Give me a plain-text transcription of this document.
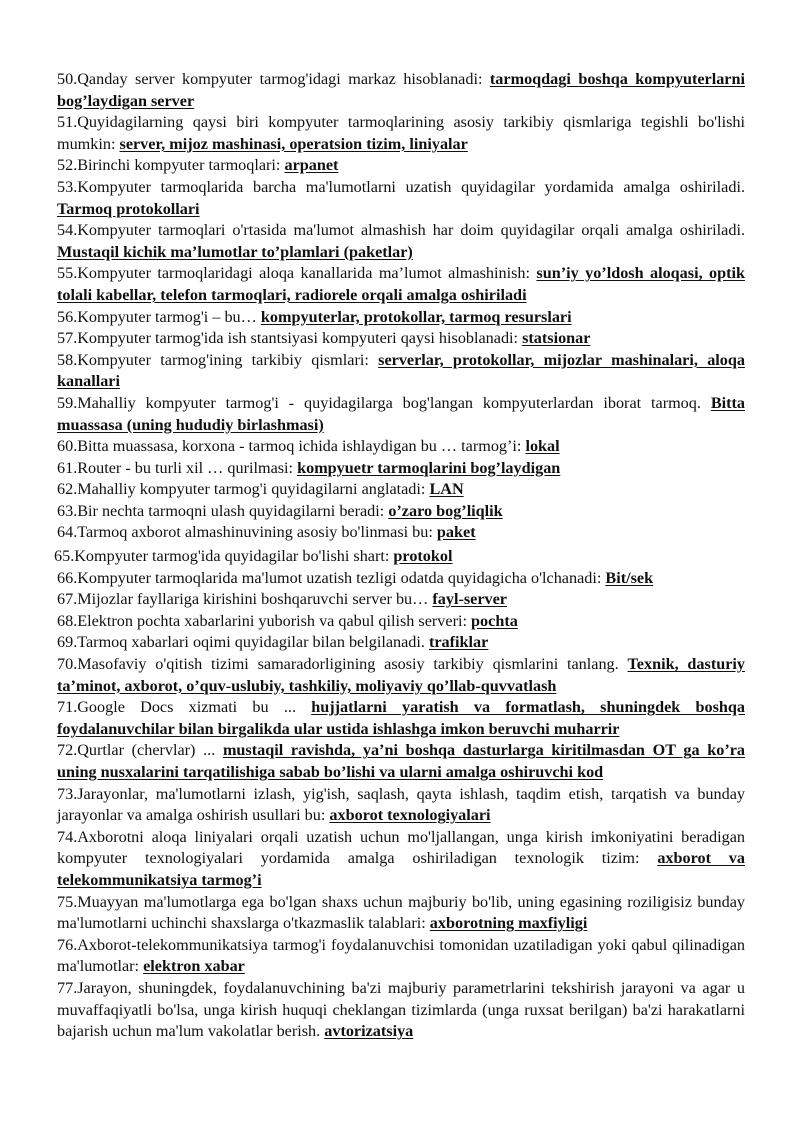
50.Qanday server kompyuter tarmog'idagi markaz hisoblanadi: tarmoqdagi boshqa kompyuterlarni bog’laydigan server

51.Quyidagilarning qaysi biri kompyuter tarmoqlarining asosiy tarkibiy qismlariga tegishli bo'lishi mumkin: server, mijoz mashinasi, operatsion tizim, liniyalar

52.Birinchi kompyuter tarmoqlari: arpanet

53.Kompyuter tarmoqlarida barcha ma'lumotlarni uzatish quyidagilar yordamida amalga oshiriladi. Tarmoq protokollari

54.Kompyuter tarmoqlari o'rtasida ma'lumot almashish har doim quyidagilar orqali amalga oshiriladi. Mustaqil kichik ma’lumotlar to’plamlari (paketlar)

55.Kompyuter tarmoqlaridagi aloqa kanallarida ma’lumot almashinish: sun’iy yo’ldosh aloqasi, optik tolali kabellar, telefon tarmoqlari, radiorele orqali amalga oshiriladi

56.Kompyuter tarmog'i – bu… kompyuterlar, protokollar, tarmoq resurslari

57.Kompyuter tarmog'ida ish stantsiyasi kompyuteri qaysi hisoblanadi: statsionar

58.Kompyuter tarmog'ining tarkibiy qismlari: serverlar, protokollar, mijozlar mashinalari, aloqa kanallari

59.Mahalliy kompyuter tarmog'i - quyidagilarga bog'langan kompyuterlardan iborat tarmoq. Bitta muassasa (uning hududiy birlashmasi)

60.Bitta muassasa, korxona - tarmoq ichida ishlaydigan bu … tarmog’i: lokal

61.Router - bu turli xil … qurilmasi: kompyuetr tarmoqlarini bog’laydigan

62.Mahalliy kompyuter tarmog'i quyidagilarni anglatadi: LAN

63.Bir nechta tarmoqni ulash quyidagilarni beradi: o’zaro bog’liqlik

64.Tarmoq axborot almashinuvining asosiy bo'linmasi bu: paket

65.Kompyuter tarmog'ida quyidagilar bo'lishi shart: protokol

66.Kompyuter tarmoqlarida ma'lumot uzatish tezligi odatda quyidagicha o'lchanadi: Bit/sek

67.Mijozlar fayllariga kirishini boshqaruvchi server bu… fayl-server

68.Elektron pochta xabarlarini yuborish va qabul qilish serveri: pochta

69.Tarmoq xabarlari oqimi quyidagilar bilan belgilanadi. trafiklar

70.Masofaviy o'qitish tizimi samaradorligining asosiy tarkibiy qismlarini tanlang. Texnik, dasturiy ta’minot, axborot, o’quv-uslubiy, tashkiliy, moliyaviy qo’llab-quvvatlash

71.Google Docs xizmati bu ... hujjatlarni yaratish va formatlash, shuningdek boshqa foydalanuvchilar bilan birgalikda ular ustida ishlashga imkon beruvchi muharrir

72.Qurtlar (chervlar) ... mustaqil ravishda, ya’ni boshqa dasturlarga kiritilmasdan OT ga ko’ra uning nusxalarini tarqatilishiga sabab bo’lishi va ularni amalga oshiruvchi kod

73.Jarayonlar, ma'lumotlarni izlash, yig'ish, saqlash, qayta ishlash, taqdim etish, tarqatish va bunday jarayonlar va amalga oshirish usullari bu: axborot texnologiyalari

74.Axborotni aloqa liniyalari orqali uzatish uchun mo'ljallangan, unga kirish imkoniyatini beradigan kompyuter texnologiyalari yordamida amalga oshiriladigan texnologik tizim: axborot va telekommunikatsiya tarmog’i

75.Muayyan ma'lumotlarga ega bo'lgan shaxs uchun majburiy bo'lib, uning egasining roziligisiz bunday ma'lumotlarni uchinchi shaxslarga o'tkazmaslik talablari: axborotning maxfiyligi

76.Axborot-telekommunikatsiya tarmog'i foydalanuvchisi tomonidan uzatiladigan yoki qabul qilinadigan ma'lumotlar: elektron xabar

77.Jarayon, shuningdek, foydalanuvchining ba'zi majburiy parametrlarini tekshirish jarayoni va agar u muvaffaqiyatli bo'lsa, unga kirish huquqi cheklangan tizimlarda (unga ruxsat berilgan) ba'zi harakatlarni bajarish uchun ma'lum vakolatlar berish. avtorizatsiya
